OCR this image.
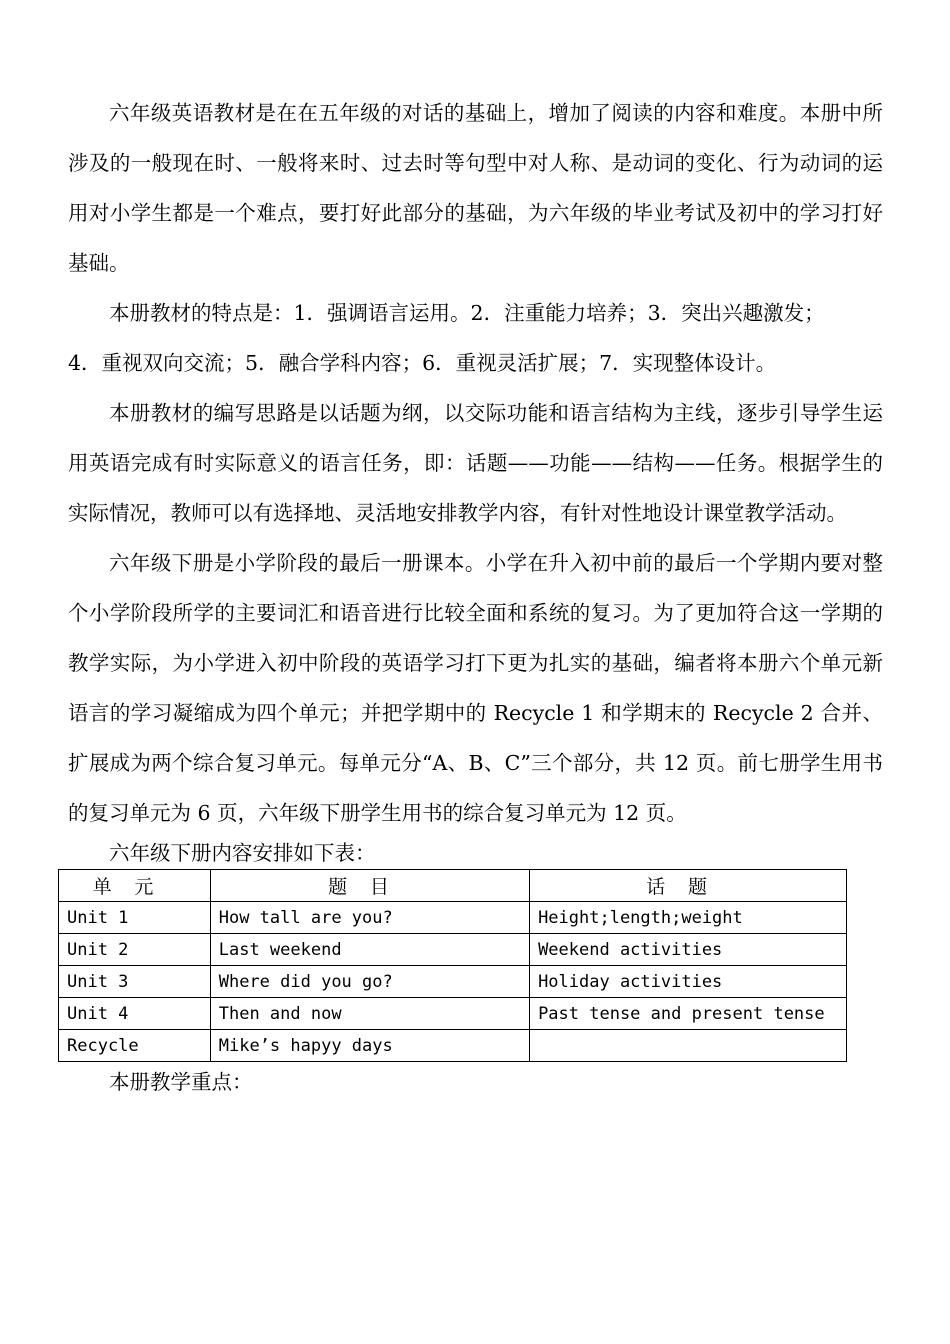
六年级英语教材是在在五年级的对话的基础上，增加了阅读的内容和难度。本册中所涉及的一般现在时、一般将来时、过去时等句型中对人称、是动词的变化、行为动词的运用对小学生都是一个难点，要打好此部分的基础，为六年级的毕业考试及初中的学习打好基础。

本册教材的特点是：1．强调语言运用。2．注重能力培养；3．突出兴趣激发；

4．重视双向交流；5．融合学科内容；6．重视灵活扩展；7．实现整体设计。

本册教材的编写思路是以话题为纲，以交际功能和语言结构为主线，逐步引导学生运用英语完成有时实际意义的语言任务，即：话题——功能——结构——任务。根据学生的实际情况，教师可以有选择地、灵活地安排教学内容，有针对性地设计课堂教学活动。

六年级下册是小学阶段的最后一册课本。小学在升入初中前的最后一个学期内要对整个小学阶段所学的主要词汇和语音进行比较全面和系统的复习。为了更加符合这一学期的教学实际，为小学进入初中阶段的英语学习打下更为扎实的基础，编者将本册六个单元新语言的学习凝缩成为四个单元；并把学期中的 Recycle 1 和学期末的 Recycle 2 合并、扩展成为两个综合复习单元。每单元分“A、B、C”三个部分，共 12 页。前七册学生用书的复习单元为 6 页，六年级下册学生用书的综合复习单元为 12 页。

六年级下册内容安排如下表：

单元	题目	话题
Unit 1	How tall are you?	Height;length;weight
Unit 2	Last weekend	Weekend activities
Unit 3	Where did you go?	Holiday activities
Unit 4	Then and now	Past tense and present tense
Recycle	Mike’s hapyy days	

本册教学重点：
